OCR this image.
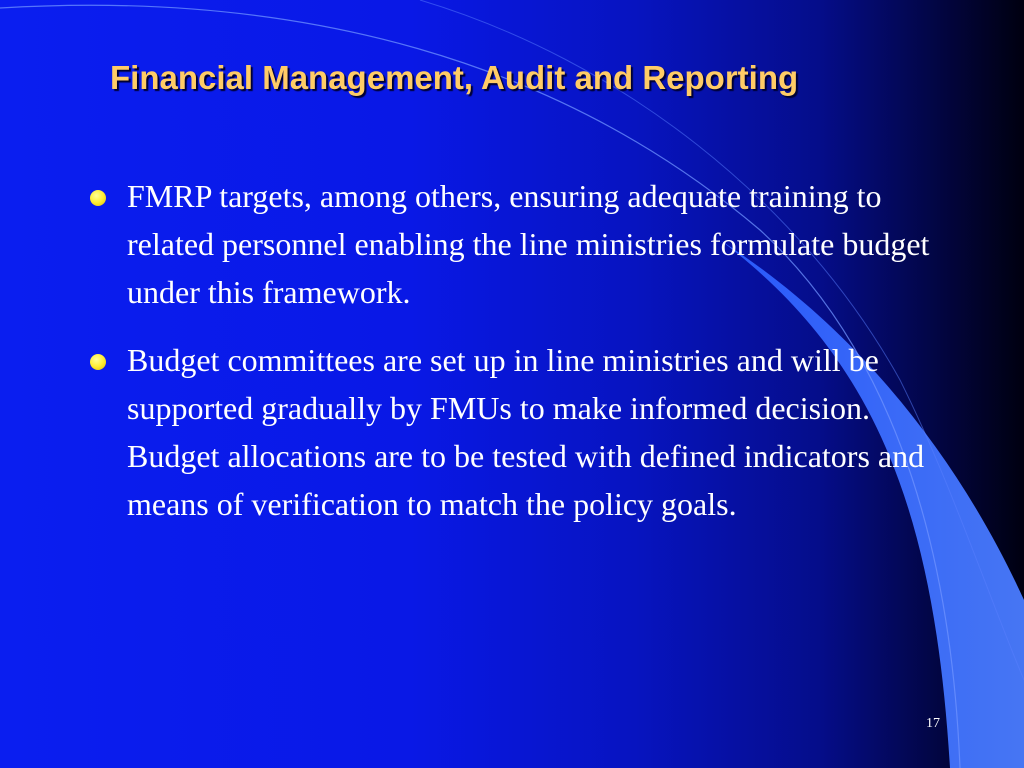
Financial Management, Audit and Reporting
FMRP targets, among others, ensuring adequate training to related personnel enabling the line ministries formulate budget under this framework.
Budget committees are set up in line ministries and will be supported gradually by FMUs to make informed decision. Budget allocations are to be tested with defined indicators and means of verification to match the policy goals.
17
